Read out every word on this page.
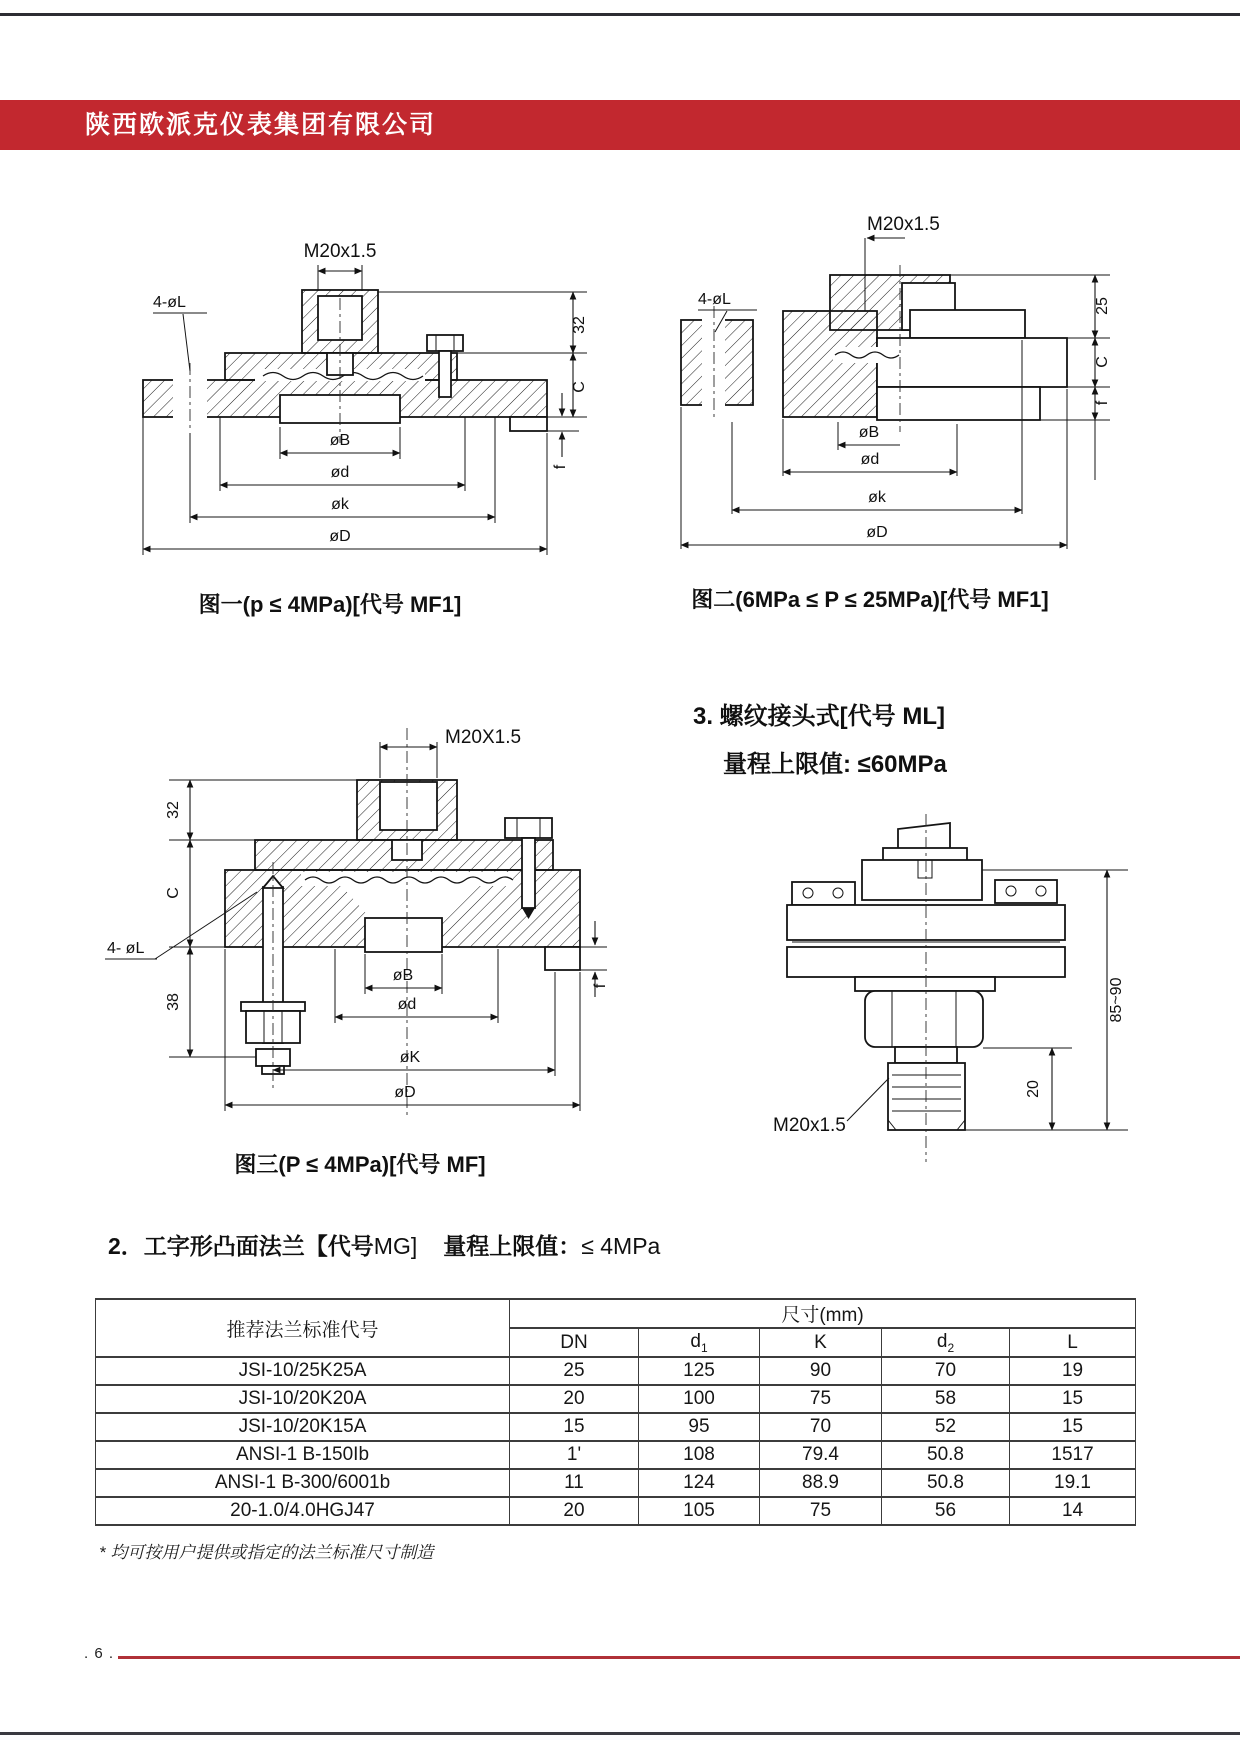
陕西欧派克仪表集团有限公司
M20x1.5
4-øL
32
C
f
øB
ød
øk
øD
图一(p ≤ 4MPa)[代号 MF1]
M20x1.5
4-øL	25
C
f
øB
ød
øk
øD
图二(6MPa ≤ P ≤ 25MPa)[代号 MF1]
3. 螺纹接头式[代号 ML]
量程上限值: ≤60MPa
M20X1.5
4- øL
32
C
38
f
øB
ød
øK
øD
图三(P ≤ 4MPa)[代号 MF]
85~90
20
M20x1.5
2．工字形凸面法兰【代号MG] 量程上限值：≤ 4MPa
推荐法兰标准代号	尺寸(mm)				
	DN	$d_1$	K	$d_2$	L
JSI-10/25K25A	25	125	90	70	19
JSI-10/20K20A	20	100	75	58	15
JSI-10/20K15A	15	95	70	52	15
ANSI-1 B-150Ib	1'	108	79.4	50.8	1517
ANSI-1 B-300/6001b	11	124	88.9	50.8	19.1
20-1.0/4.0HGJ47	20	105	75	56	14
* 均可按用户提供或指定的法兰标准尺寸制造
. 6 .
